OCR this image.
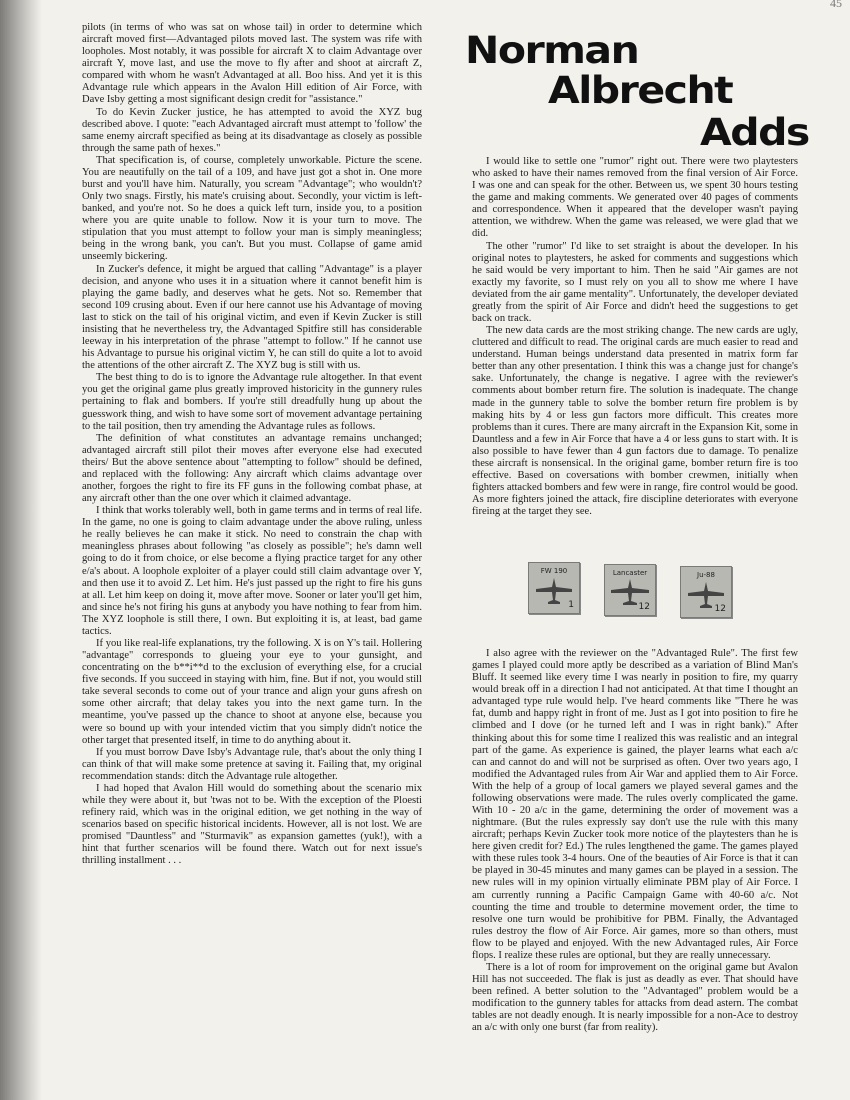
45

pilots (in terms of who was sat on whose tail) in order to determine which aircraft moved first—Advantaged pilots moved last. The system was rife with loopholes. Most notably, it was possible for aircraft X to claim Advantage over aircraft Y, move last, and use the move to fly after and shoot at aircraft Z, compared with whom he wasn't Advantaged at all. Boo hiss. And yet it is this Advantage rule which appears in the Avalon Hill edition of Air Force, with Dave Isby getting a most significant design credit for "assistance."

To do Kevin Zucker justice, he has attempted to avoid the XYZ bug described above. I quote: "each Advantaged aircraft must attempt to 'follow' the same enemy aircraft specified as being at its disadvantage as closely as possible through the same path of hexes."

That specification is, of course, completely unworkable. Picture the scene. You are neautifully on the tail of a 109, and have just got a shot in. One more burst and you'll have him. Naturally, you scream "Advantage"; who wouldn't? Only two snags. Firstly, his mate's cruising about. Secondly, your victim is left-banked, and you're not. So he does a quick left turn, inside you, to a position where you are quite unable to follow. Now it is your turn to move. The stipulation that you must attempt to follow your man is simply meaningless; being in the wrong bank, you can't. But you must. Collapse of game amid unseemly bickering.

In Zucker's defence, it might be argued that calling "Advantage" is a player decision, and anyone who uses it in a situation where it cannot benefit him is playing the game badly, and deserves what he gets. Not so. Remember that second 109 crusing about. Even if our here cannot use his Advantage of moving last to stick on the tail of his original victim, and even if Kevin Zucker is still insisting that he nevertheless try, the Advantaged Spitfire still has considerable leeway in his interpretation of the phrase "attempt to follow." If he cannot use his Advantage to pursue his original victim Y, he can still do quite a lot to avoid the attentions of the other aircraft Z. The XYZ bug is still with us.

The best thing to do is to ignore the Advantage rule altogether. In that event you get the original game plus greatly improved historicity in the gunnery rules pertaining to flak and bombers. If you're still dreadfully hung up about the guesswork thing, and wish to have some sort of movement advantage pertaining to the tail position, then try amending the Advantage rules as follows.

The definition of what constitutes an advantage remains unchanged; advantaged aircraft still pilot their moves after everyone else had executed theirs/ But the above sentence about "attempting to follow" should be defined, and replaced with the following: Any aircraft which claims advantage over another, forgoes the right to fire its FF guns in the following combat phase, at any aircraft other than the one over which it claimed advantage.

I think that works tolerably well, both in game terms and in terms of real life. In the game, no one is going to claim advantage under the above ruling, unless he really believes he can make it stick. No need to constrain the chap with meaningless phrases about following "as closely as possible"; he's damn well going to do it from choice, or else become a flying practice target for any other e/a's about. A loophole exploiter of a player could still claim advantage over Y, and then use it to avoid Z. Let him. He's just passed up the right to fire his guns at all. Let him keep on doing it, move after move. Sooner or later you'll get him, and since he's not firing his guns at anybody you have nothing to fear from him. The XYZ loophole is still there, I own. But exploiting it is, at least, bad game tactics.

If you like real-life explanations, try the following. X is on Y's tail. Hollering "advantage" corresponds to glueing your eye to your gunsight, and concentrating on the b**i**d to the exclusion of everything else, for a crucial five seconds. If you succeed in staying with him, fine. But if not, you would still take several seconds to come out of your trance and align your guns afresh on some other aircraft; that delay takes you into the next game turn. In the meantime, you've passed up the chance to shoot at anyone else, because you were so bound up with your intended victim that you simply didn't notice the other target that presented itself, in time to do anything about it.

If you must borrow Dave Isby's Advantage rule, that's about the only thing I can think of that will make some pretence at saving it. Failing that, my original recommendation stands: ditch the Advantage rule altogether.

I had hoped that Avalon Hill would do something about the scenario mix while they were about it, but 'twas not to be. With the exception of the Ploesti refinery raid, which was in the original edition, we get nothing in the way of scenarios based on specific historical incidents. However, all is not lost. We are promised "Dauntless" and "Sturmavik" as expansion gamettes (yuk!), with a hint that further scenarios will be found there. Watch out for next issue's thrilling installment . . .

Norman
Albrecht
Adds

I would like to settle one "rumor" right out. There were two playtesters who asked to have their names removed from the final version of Air Force. I was one and can speak for the other. Between us, we spent 30 hours testing the game and making comments. We generated over 40 pages of comments and correspondence. When it appeared that the developer wasn't paying attention, we withdrew. When the game was released, we were glad that we did.

The other "rumor" I'd like to set straight is about the developer. In his original notes to playtesters, he asked for comments and suggestions which he said would be very important to him. Then he said "Air games are not exactly my favorite, so I must rely on you all to show me where I have deviated from the air game mentality". Unfortunately, the developer deviated greatly from the spirit of Air Force and didn't heed the suggestions to get back on track.

The new data cards are the most striking change. The new cards are ugly, cluttered and difficult to read. The original cards are much easier to read and understand. Human beings understand data presented in matrix form far better than any other presentation. I think this was a change just for change's sake. Unfortunately, the change is negative. I agree with the reviewer's comments about bomber return fire. The solution is inadequate. The change made in the gunnery table to solve the bomber return fire problem is by making hits by 4 or less gun factors more difficult. This creates more problems than it cures. There are many aircraft in the Expansion Kit, some in Dauntless and a few in Air Force that have a 4 or less guns to start with. It is also possible to have fewer than 4 gun factors due to damage. To penalize these aircraft is nonsensical. In the original game, bomber return fire is too effective. Based on coversations with bomber crewmen, initially when fighters attacked bombers and few were in range, fire control would be good. As more fighters joined the attack, fire discipline deteriorates with everyone fireing at the target they see.

FW 190
1
Lancaster
12
Ju-88
12

I also agree with the reviewer on the "Advantaged Rule". The first few games I played could more aptly be described as a variation of Blind Man's Bluff. It seemed like every time I was nearly in position to fire, my quarry would break off in a direction I had not anticipated. At that time I thought an advantaged type rule would help. I've heard comments like "There he was fat, dumb and happy right in front of me. Just as I got into position to fire he climbed and I dove (or he turned left and I was in right bank)." After thinking about this for some time I realized this was realistic and an integral part of the game. As experience is gained, the player learns what each a/c can and cannot do and will not be surprised as often. Over two years ago, I modified the Advantaged rules from Air War and applied them to Air Force. With the help of a group of local gamers we played several games and the following observations were made. The rules overly complicated the game. With 10 - 20 a/c in the game, determining the order of movement was a nightmare. (But the rules expressly say don't use the rule with this many aircraft; perhaps Kevin Zucker took more notice of the playtesters than he is here given credit for? Ed.) The rules lengthened the game. The games played with these rules took 3-4 hours. One of the beauties of Air Force is that it can be played in 30-45 minutes and many games can be played in a session. The new rules will in my opinion virtually eliminate PBM play of Air Force. I am currently running a Pacific Campaign Game with 40-60 a/c. Not counting the time and trouble to determine movement order, the time to resolve one turn would be prohibitive for PBM. Finally, the Advantaged rules destroy the flow of Air Force. Air games, more so than others, must flow to be played and enjoyed. With the new Advantaged rules, Air Force flops. I realize these rules are optional, but they are really unnecessary.

There is a lot of room for improvement on the original game but Avalon Hill has not succeeded. The flak is just as deadly as ever. That should have been refined. A better solution to the "Advantaged" problem would be a modification to the gunnery tables for attacks from dead astern. The combat tables are not deadly enough. It is nearly impossible for a non-Ace to destroy an a/c with only one burst (far from reality).
